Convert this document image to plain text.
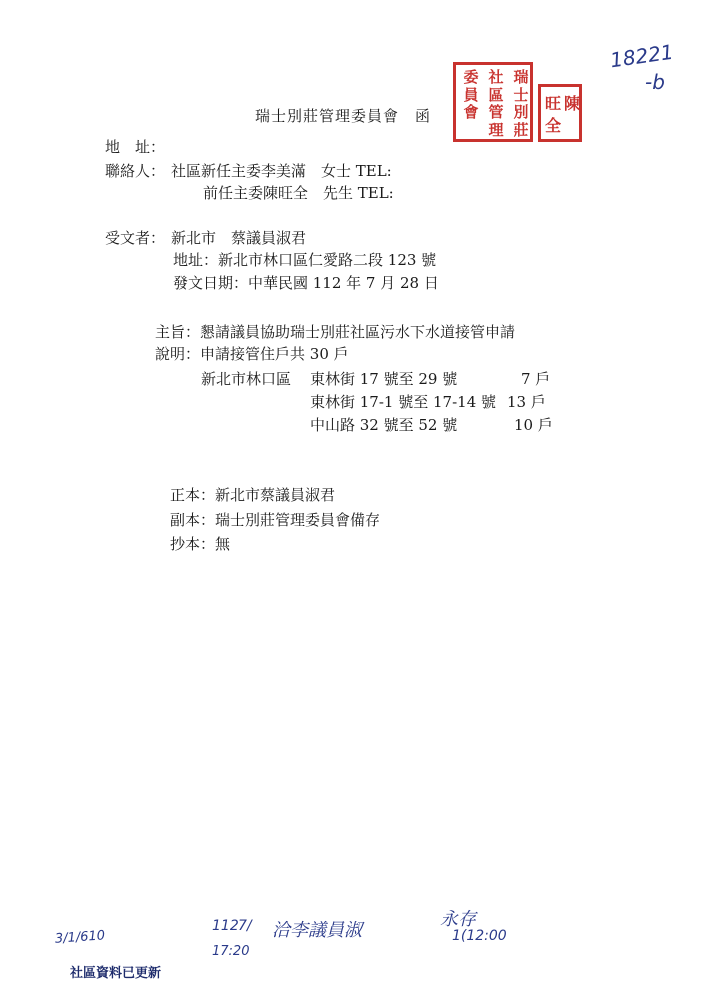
瑞士別莊管理委員會　函
瑞士別莊
社區管理
委員會	陳
旺全
18221
-b
地　址：
聯絡人： 社區新任主委李美滿　女士 TEL:
前任主委陳旺全　先生 TEL:
受文者： 新北市　蔡議員淑君
地址：新北市林口區仁愛路二段 123 號
發文日期：中華民國 112 年 7 月 28 日
主旨：懇請議員協助瑞士別莊社區污水下水道接管申請
說明：申請接管住戶共 30 戶
新北市林口區 東林街 17 號至 29 號	7 戶
東林街 17-1 號至 17-14 號 13 戶
中山路 32 號至 52 號	10 戶
正本：新北市蔡議員淑君
副本：瑞士別莊管理委員會備存
抄本：無
3/1/610
社區資料已更新
112 7/
17:20
洽李議員淑
永存
1(12:00
